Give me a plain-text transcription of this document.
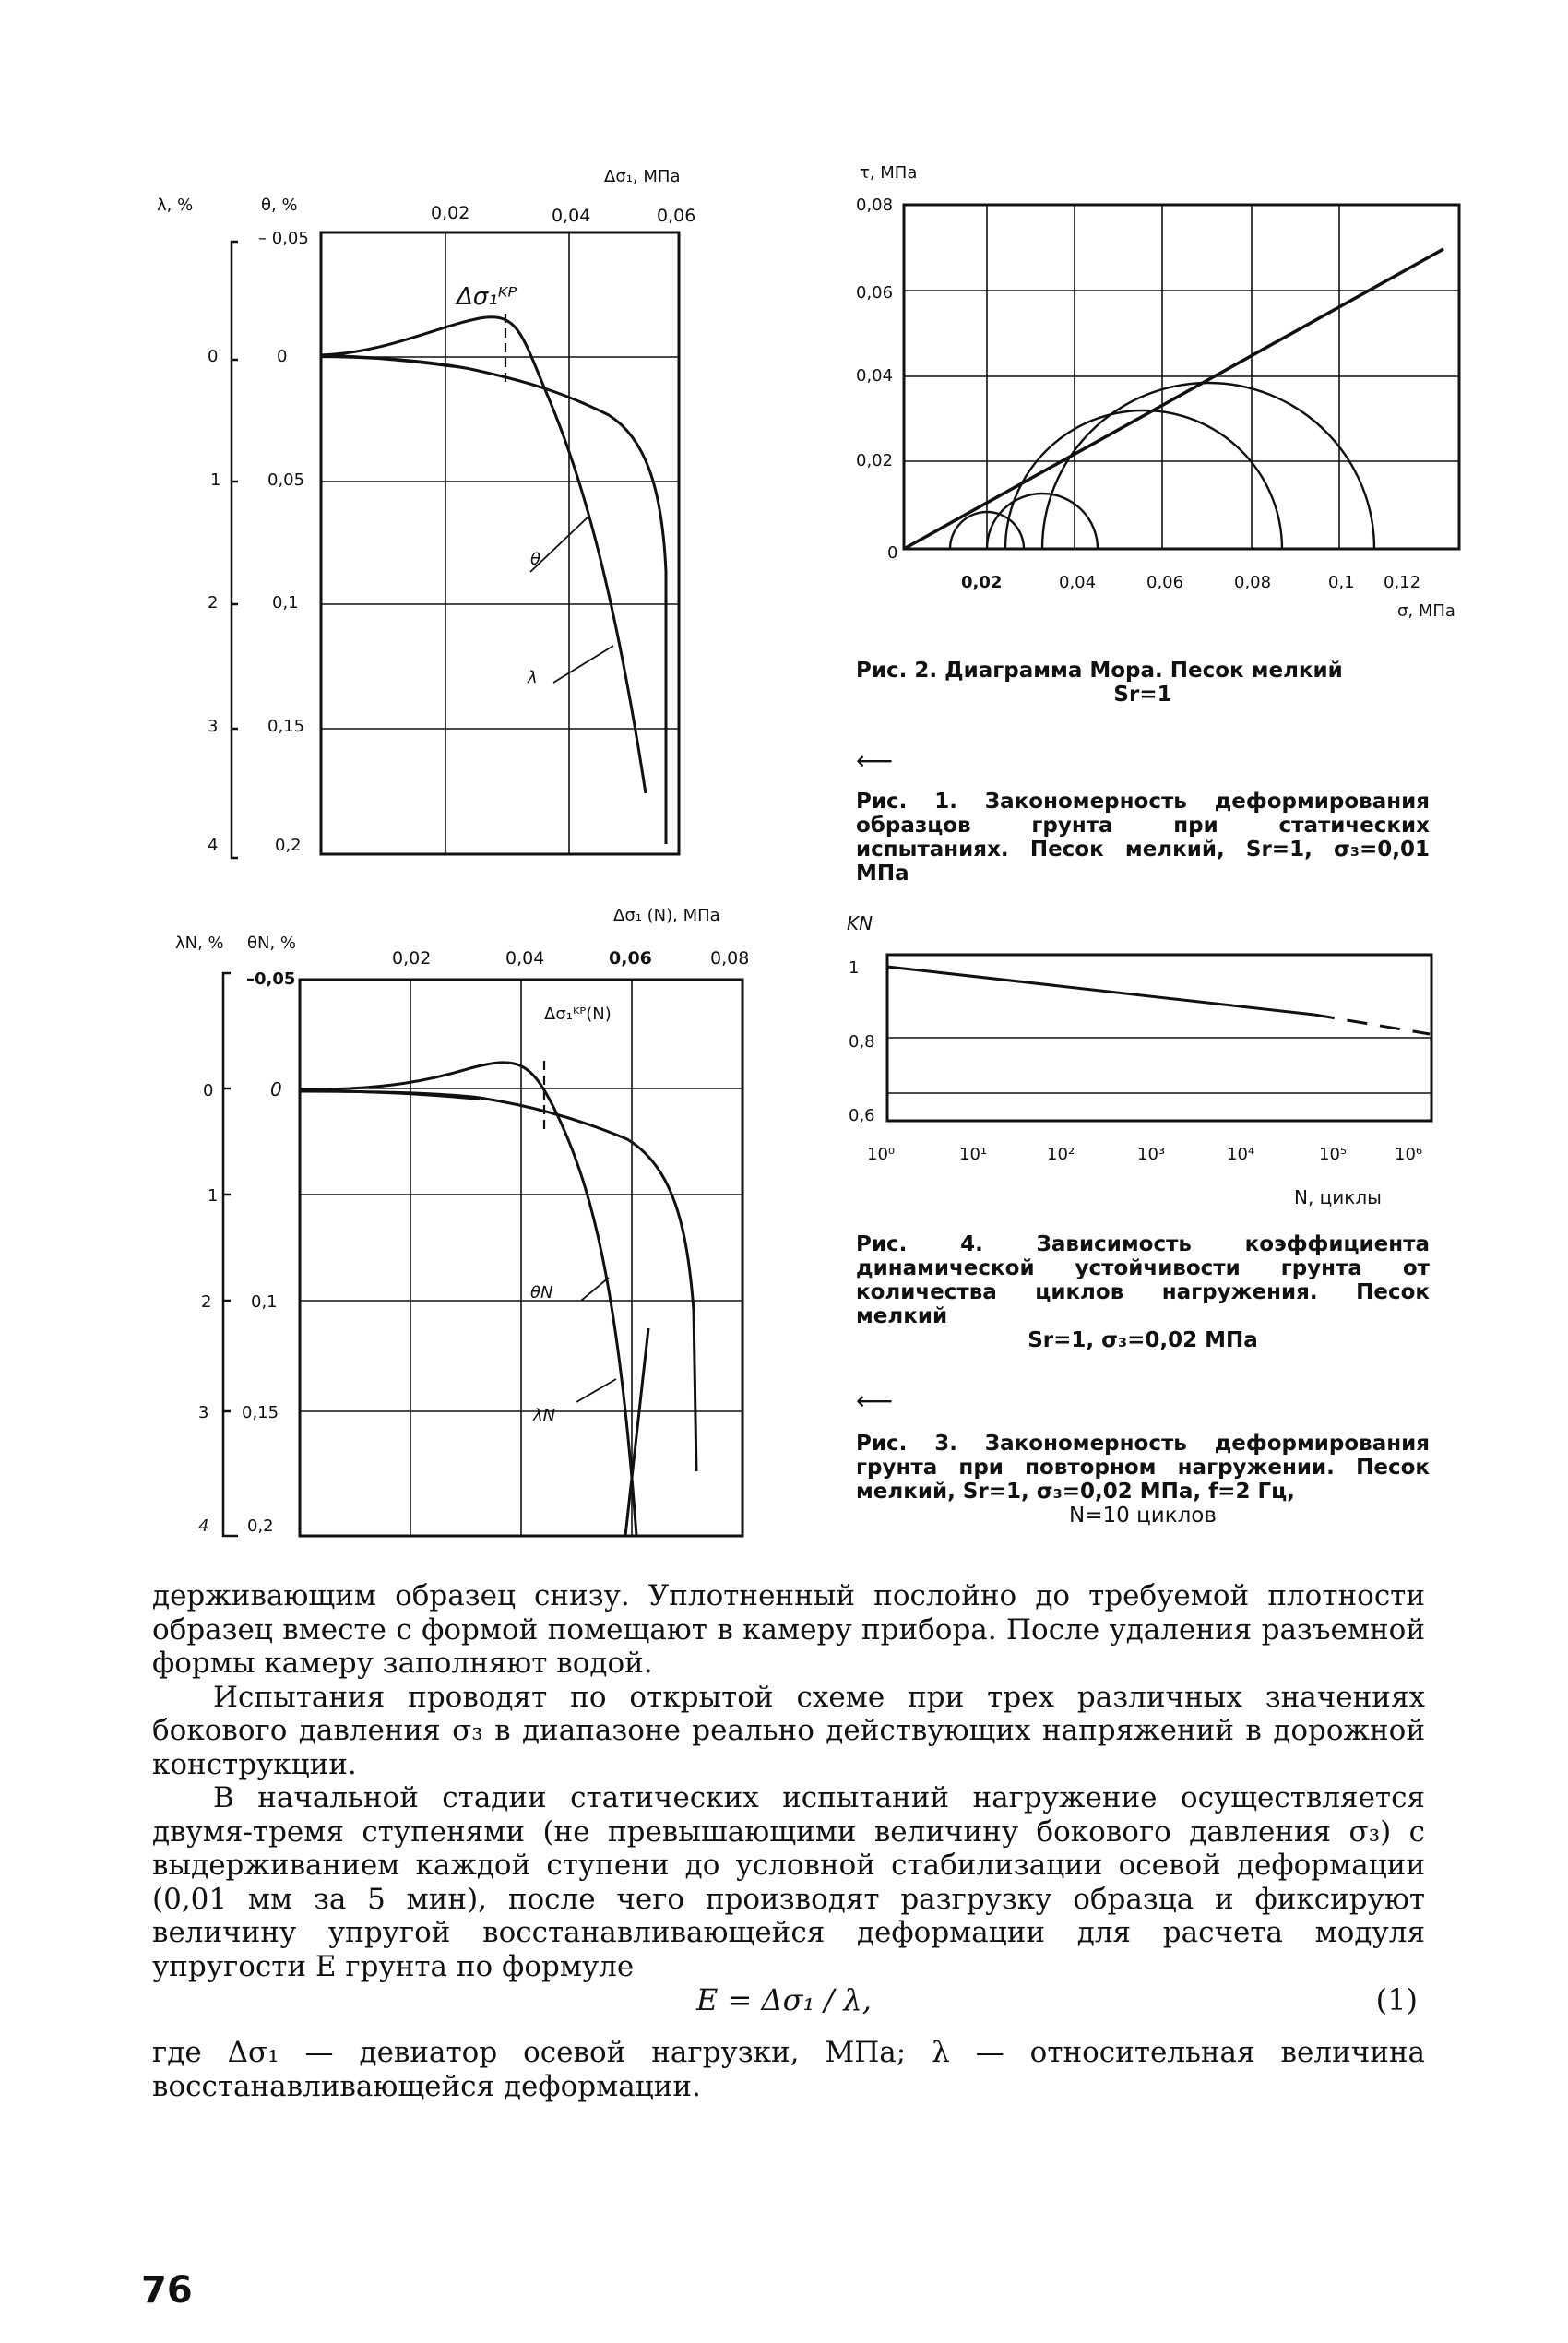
Δσ₁, МПа
λ, %	θ, %	0,02	0,04	0,06
– 0,05
0	0
1	0,05
2	0,1
3	0,15
4	0,2
Δσ₁ᴷᴾ
θ
λ
τ, МПа
0,08
0,06
0,04
0,02
0
0,02	0,04	0,06	0,08	0,1 0,12
σ, МПа
Рис. 2. Диаграмма Мора. Песок мелкий
Sr=1
⟵
Рис. 1. Закономерность деформирования образцов грунта при статических испытаниях. Песок мелкий, Sr=1, σ₃=0,01 МПа
Δσ₁ (N), МПа
λN, % θN, %
0,02	0,04	0,06	0,08
–0,05
0	0
1
2 0,1
3 0,15
4 0,2
Δσ₁ᴷᴾ(N)
θN
λN
KN
1
0,8
0,6
10⁰	10¹	10²	10³	10⁴	10⁵	10⁶
N, циклы
Рис. 4. Зависимость коэффициента динамической устойчивости грунта от количества циклов нагружения. Песок мелкий
Sr=1, σ₃=0,02 МПа
⟵
Рис. 3. Закономерность деформирования грунта при повторном нагружении. Песок мелкий, Sr=1, σ₃=0,02 МПа, f=2 Гц,
N=10 циклов

держивающим образец снизу. Уплотненный послойно до требуемой плотности образец вместе с формой помещают в камеру прибора. После удаления разъемной формы камеру заполняют водой.

Испытания проводят по открытой схеме при трех различных значениях бокового давления σ₃ в диапазоне реально действующих напряжений в дорожной конструкции.

В начальной стадии статических испытаний нагружение осуществляется двумя-тремя ступенями (не превышающими величину бокового давления σ₃) с выдерживанием каждой ступени до условной стабилизации осевой деформации (0,01 мм за 5 мин), после чего производят разгрузку образца и фиксируют величину упругой восстанавливающейся деформации для расчета модуля упругости E грунта по формуле

E = Δσ₁ / λ,	(1)

где Δσ₁ — девиатор осевой нагрузки, МПа; λ — относительная величина восстанавливающейся деформации.

76
